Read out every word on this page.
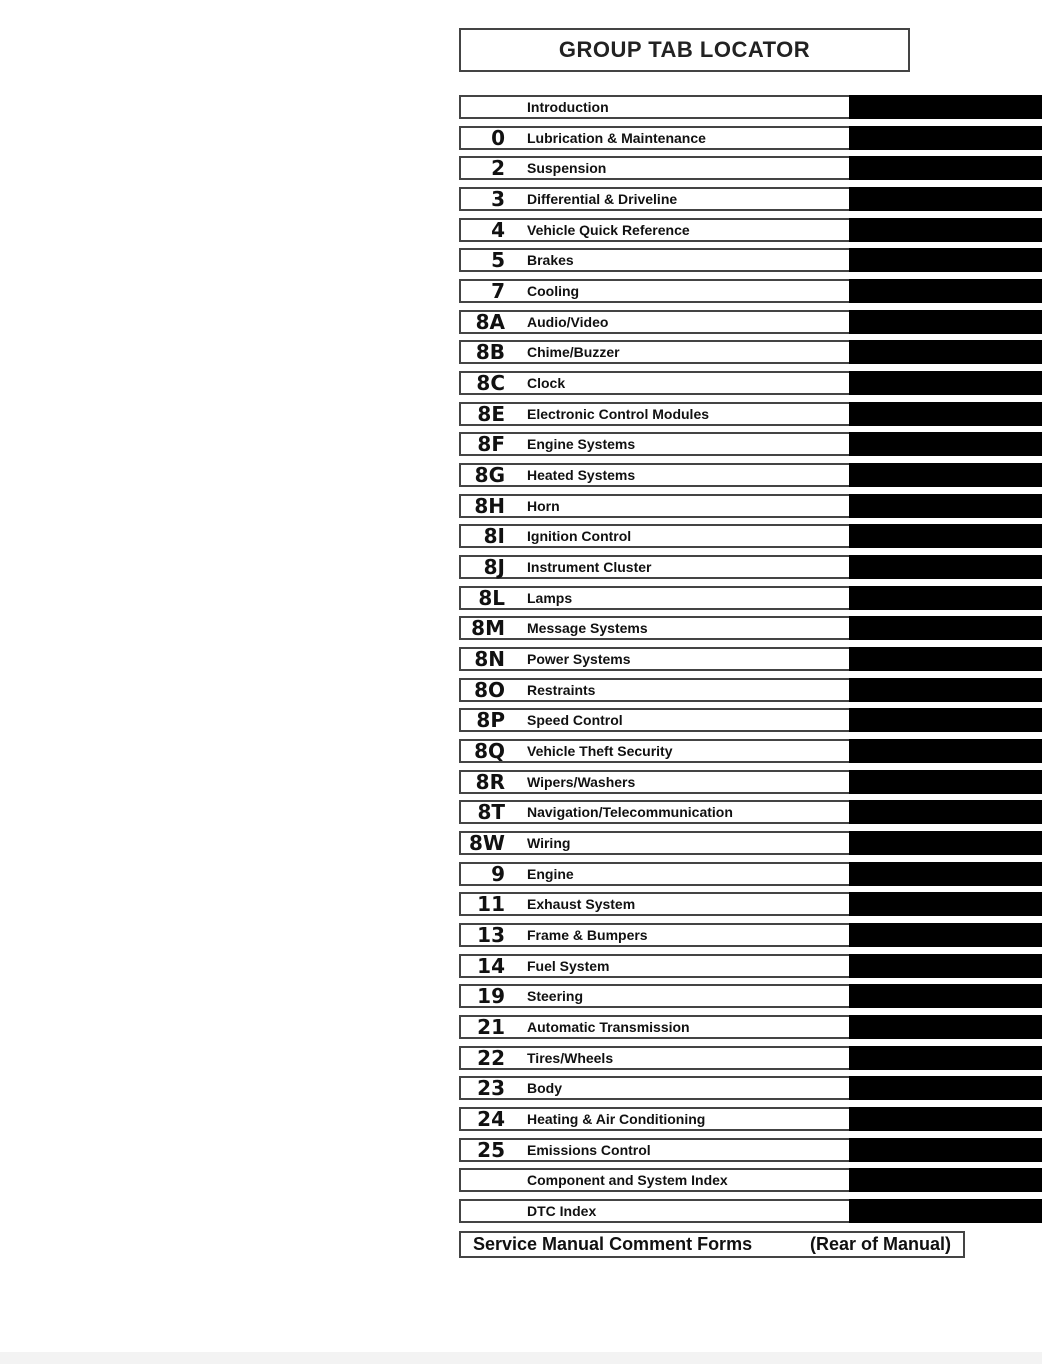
GROUP TAB LOCATOR
Introduction
0 Lubrication & Maintenance
2 Suspension
3 Differential & Driveline
4 Vehicle Quick Reference
5 Brakes
7 Cooling
8A Audio/Video
8B Chime/Buzzer
8C Clock
8E Electronic Control Modules
8F Engine Systems
8G Heated Systems
8H Horn
8I Ignition Control
8J Instrument Cluster
8L Lamps
8M Message Systems
8N Power Systems
8O Restraints
8P Speed Control
8Q Vehicle Theft Security
8R Wipers/Washers
8T Navigation/Telecommunication
8W Wiring
9 Engine
11 Exhaust System
13 Frame & Bumpers
14 Fuel System
19 Steering
21 Automatic Transmission
22 Tires/Wheels
23 Body
24 Heating & Air Conditioning
25 Emissions Control
Component and System Index
DTC Index
Service Manual Comment Forms	(Rear of Manual)
